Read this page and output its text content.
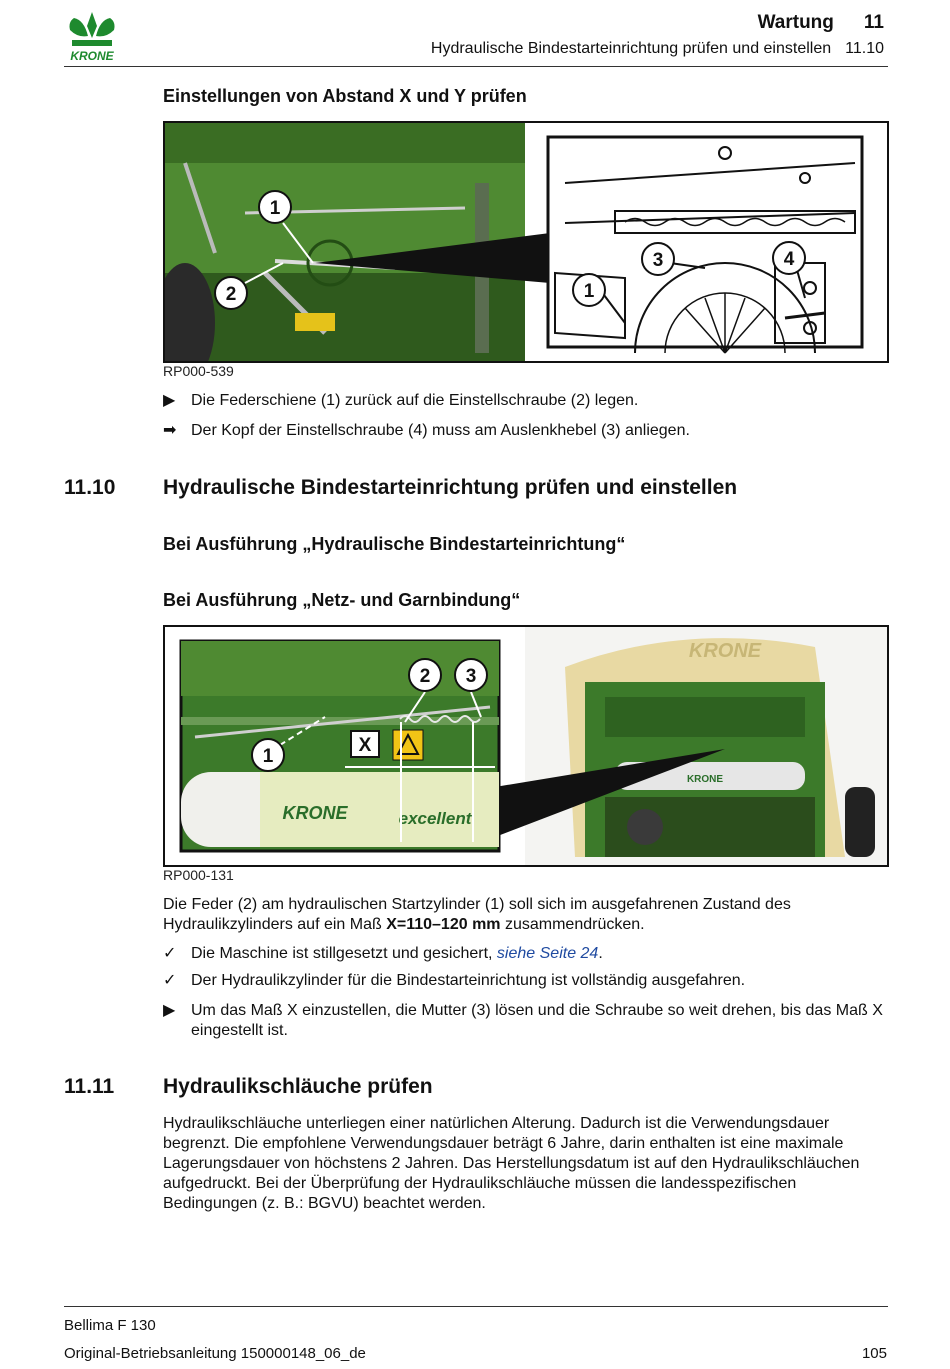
KRONE
Wartung 11
Hydraulische Bindestarteinrichtung prüfen und einstellen 11.10
Einstellungen von Abstand X und Y prüfen
1
2	1
3	4
RP000-539
▶ Die Federschiene (1) zurück auf die Einstellschraube (2) legen.
➡ Der Kopf der Einstellschraube (4) muss am Auslenkhebel (3) anliegen.
11.10 Hydraulische Bindestarteinrichtung prüfen und einstellen
Bei Ausführung „Hydraulische Bindestarteinrichtung“
Bei Ausführung „Netz- und Garnbindung“
KRONE
KRONE
KRONE	excellent
2 3
1
X
RP000-131
Die Feder (2) am hydraulischen Startzylinder (1) soll sich im ausgefahrenen Zustand des Hydraulikzylinders auf ein Maß X=110–120 mm zusammendrücken.
✓ Die Maschine ist stillgesetzt und gesichert, siehe Seite 24.
✓ Der Hydraulikzylinder für die Bindestarteinrichtung ist vollständig ausgefahren.
▶ Um das Maß X einzustellen, die Mutter (3) lösen und die Schraube so weit drehen, bis das Maß X eingestellt ist.
11.11 Hydraulikschläuche prüfen
Hydraulikschläuche unterliegen einer natürlichen Alterung. Dadurch ist die Verwendungsdauer begrenzt. Die empfohlene Verwendungsdauer beträgt 6 Jahre, darin enthalten ist eine maximale Lagerungsdauer von höchstens 2 Jahren. Das Herstellungsdatum ist auf den Hydraulikschläuchen aufgedruckt. Bei der Überprüfung der Hydraulikschläuche müssen die landesspezifischen Bedingungen (z. B.: BGVU) beachtet werden.
Bellima F 130
Original-Betriebsanleitung 150000148_06_de	105
